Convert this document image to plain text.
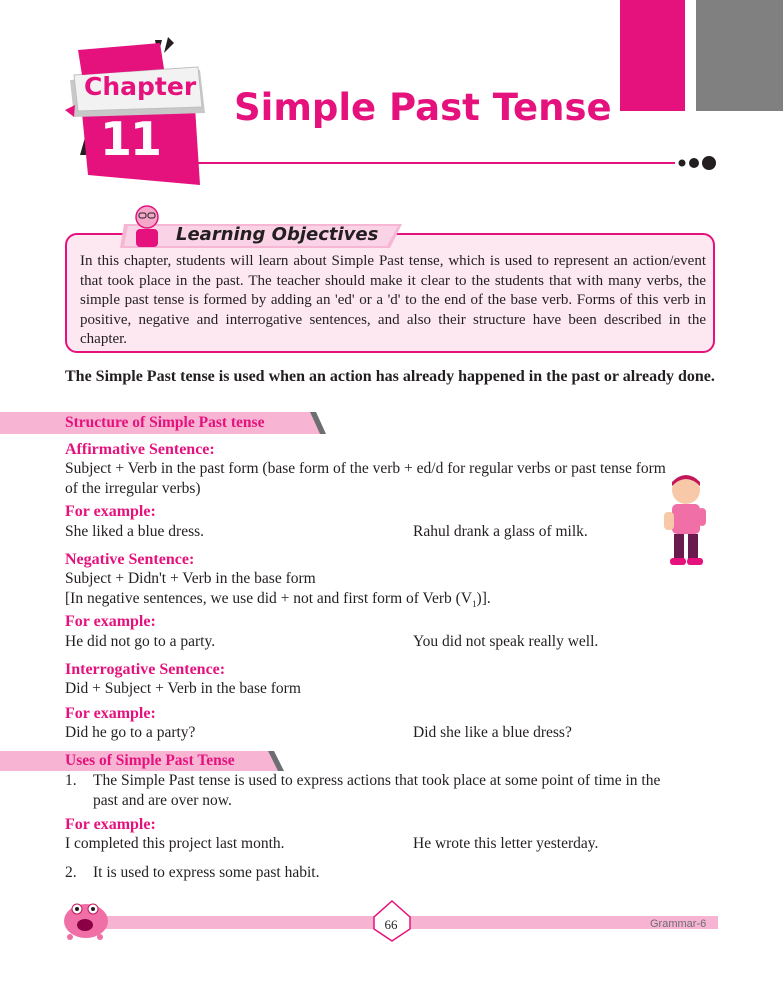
Chapter
11
Simple Past Tense
Learning Objectives
In this chapter, students will learn about Simple Past tense, which is used to represent an action/event that took place in the past. The teacher should make it clear to the students that with many verbs, the simple past tense is formed by adding an 'ed' or a 'd' to the end of the base verb. Forms of this verb in positive, negative and interrogative sentences, and also their structure have been described in the chapter.
The Simple Past tense is used when an action has already happened in the past or already done.
Structure of Simple Past tense
Affirmative Sentence:
Subject + Verb in the past form (base form of the verb + ed/d for regular verbs or past tense form
of the irregular verbs)
For example:
She liked a blue dress.	Rahul drank a glass of milk.
Negative Sentence:
Subject + Didn't + Verb in the base form
[In negative sentences, we use did + not and first form of Verb $(V_1)$].
For example:
He did not go to a party.	You did not speak really well.
Interrogative Sentence:
Did + Subject + Verb in the base form
For example:
Did he go to a party?	Did she like a blue dress?
Uses of Simple Past Tense
1. The Simple Past tense is used to express actions that took place at some point of time in the
past and are over now.
For example:
I completed this project last month.	He wrote this letter yesterday.
2. It is used to express some past habit.
66	Grammar-6
